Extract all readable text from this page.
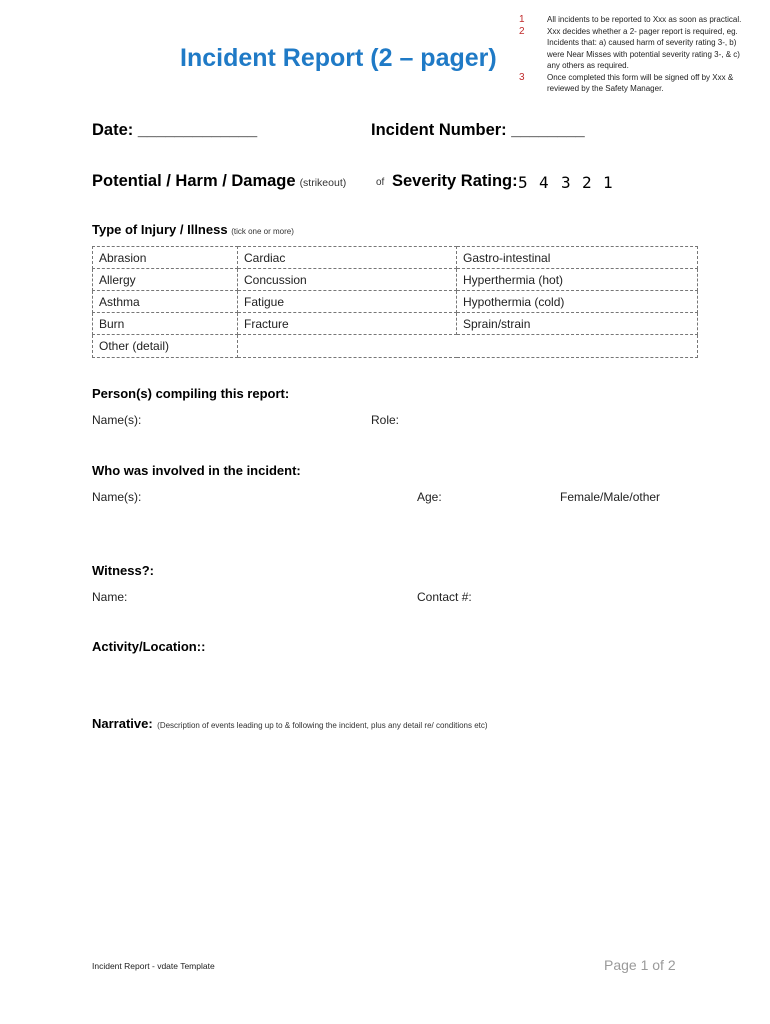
Incident Report (2 – pager)
1	All incidents to be reported to Xxx as soon as practical.
2	Xxx decides whether a 2- pager report is required, eg. Incidents that: a) caused harm of severity rating 3-, b) were Near Misses with potential severity rating 3-, & c) any others as required.
3	Once completed this form will be signed off by Xxx & reviewed by the Safety Manager.
Date: _____________	Incident Number: ________
Potential / Harm / Damage (strikeout)	of Severity Rating: 5 4 3 2 1
Type of Injury / Illness (tick one or more)
Abrasion	Cardiac	Gastro-intestinal
Allergy	Concussion	Hyperthermia (hot)
Asthma	Fatigue	Hypothermia (cold)
Burn	Fracture	Sprain/strain
Other (detail)		
Person(s) compiling this report:
Name(s):	Role:
Who was involved in the incident:
Name(s):	Age:	Female/Male/other
Witness?:
Name:	Contact #:
Activity/Location::
Narrative: (Description of events leading up to & following the incident, plus any detail re/ conditions etc)
Incident Report - vdate Template	Page 1 of 2
